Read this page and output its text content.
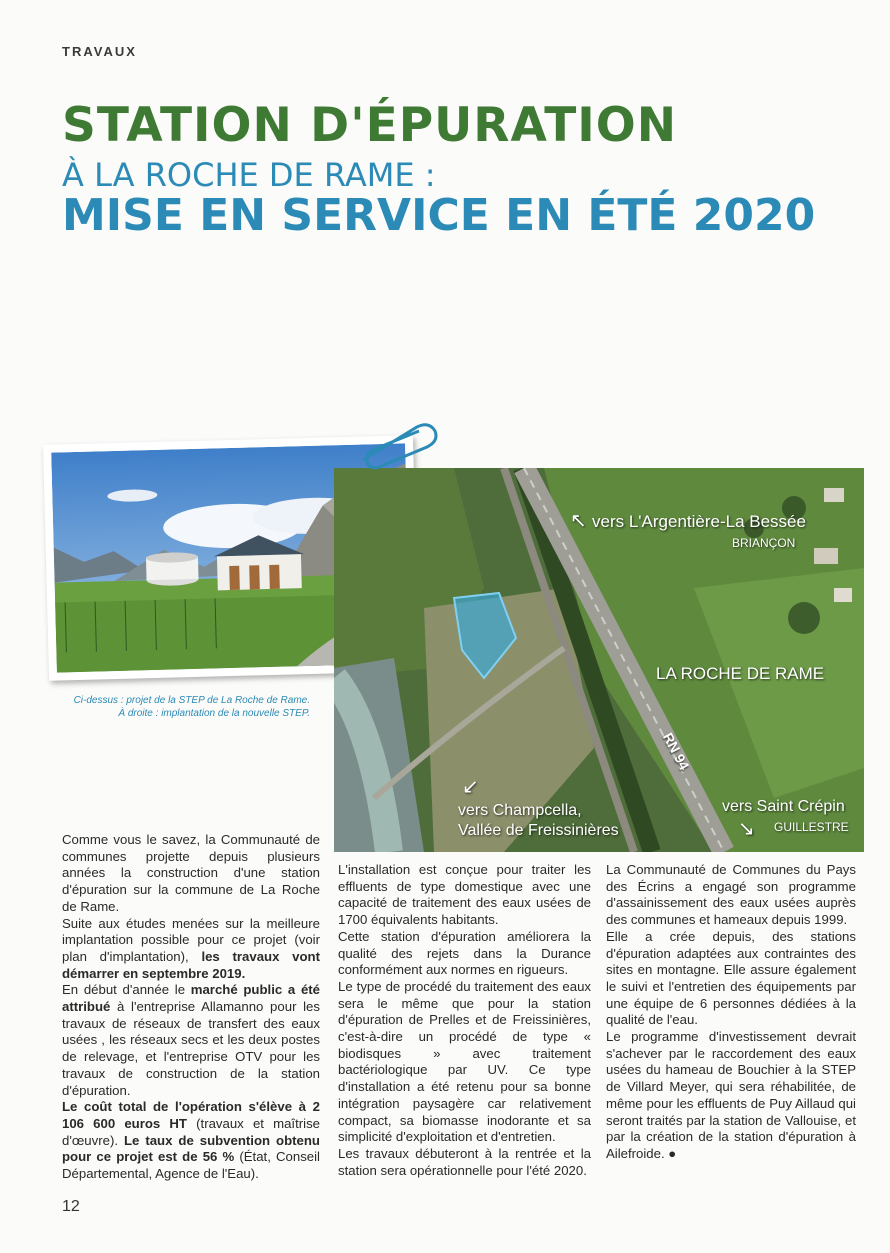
TRAVAUX
STATION D'ÉPURATION
À LA ROCHE DE RAME :
MISE EN SERVICE EN ÉTÉ 2020
Ci-dessus : projet de la STEP de La Roche de Rame.
À droite : implantation de la nouvelle STEP.
↖ vers L'Argentière-La Bessée
BRIANÇON
LA ROCHE DE RAME
RN 94
↙
vers Champcella,
Vallée de Freissinières
vers Saint Crépin
GUILLESTRE
↘

Comme vous le savez, la Communauté de communes projette depuis plusieurs années la construction d'une station d'épuration sur la commune de La Roche de Rame.

Suite aux études menées sur la meilleure implantation possible pour ce projet (voir plan d'implantation), les travaux vont démarrer en septembre 2019.

En début d'année le marché public a été attribué à l'entreprise Allamanno pour les travaux de réseaux de transfert des eaux usées , les réseaux secs et les deux postes de relevage, et l'entreprise OTV pour les travaux de construction de la station d'épuration.

Le coût total de l'opération s'élève à 2 106 600 euros HT (travaux et maîtrise d'œuvre). Le taux de subvention obtenu pour ce projet est de 56 % (État, Conseil Départemental, Agence de l'Eau).

L'installation est conçue pour traiter les effluents de type domestique avec une capacité de traitement des eaux usées de 1700 équivalents habitants.

Cette station d'épuration améliorera la qualité des rejets dans la Durance conformément aux normes en rigueurs.

Le type de procédé du traitement des eaux sera le même que pour la station d'épuration de Prelles et de Freissinières, c'est-à-dire un procédé de type « biodisques » avec traitement bactériologique par UV. Ce type d'installation a été retenu pour sa bonne intégration paysagère car relativement compact, sa biomasse inodorante et sa simplicité d'exploitation et d'entretien.

Les travaux débuteront à la rentrée et la station sera opérationnelle pour l'été 2020.

La Communauté de Communes du Pays des Écrins a engagé son programme d'assainissement des eaux usées auprès des communes et hameaux depuis 1999.

Elle a crée depuis, des stations d'épuration adaptées aux contraintes des sites en montagne. Elle assure également le suivi et l'entretien des équipements par une équipe de 6 personnes dédiées à la qualité de l'eau.

Le programme d'investissement devrait s'achever par le raccordement des eaux usées du hameau de Bouchier à la STEP de Villard Meyer, qui sera réhabilitée, de même pour les effluents de Puy Aillaud qui seront traités par la station de Vallouise, et par la création de la station d'épuration à Ailefroide. ●

12
